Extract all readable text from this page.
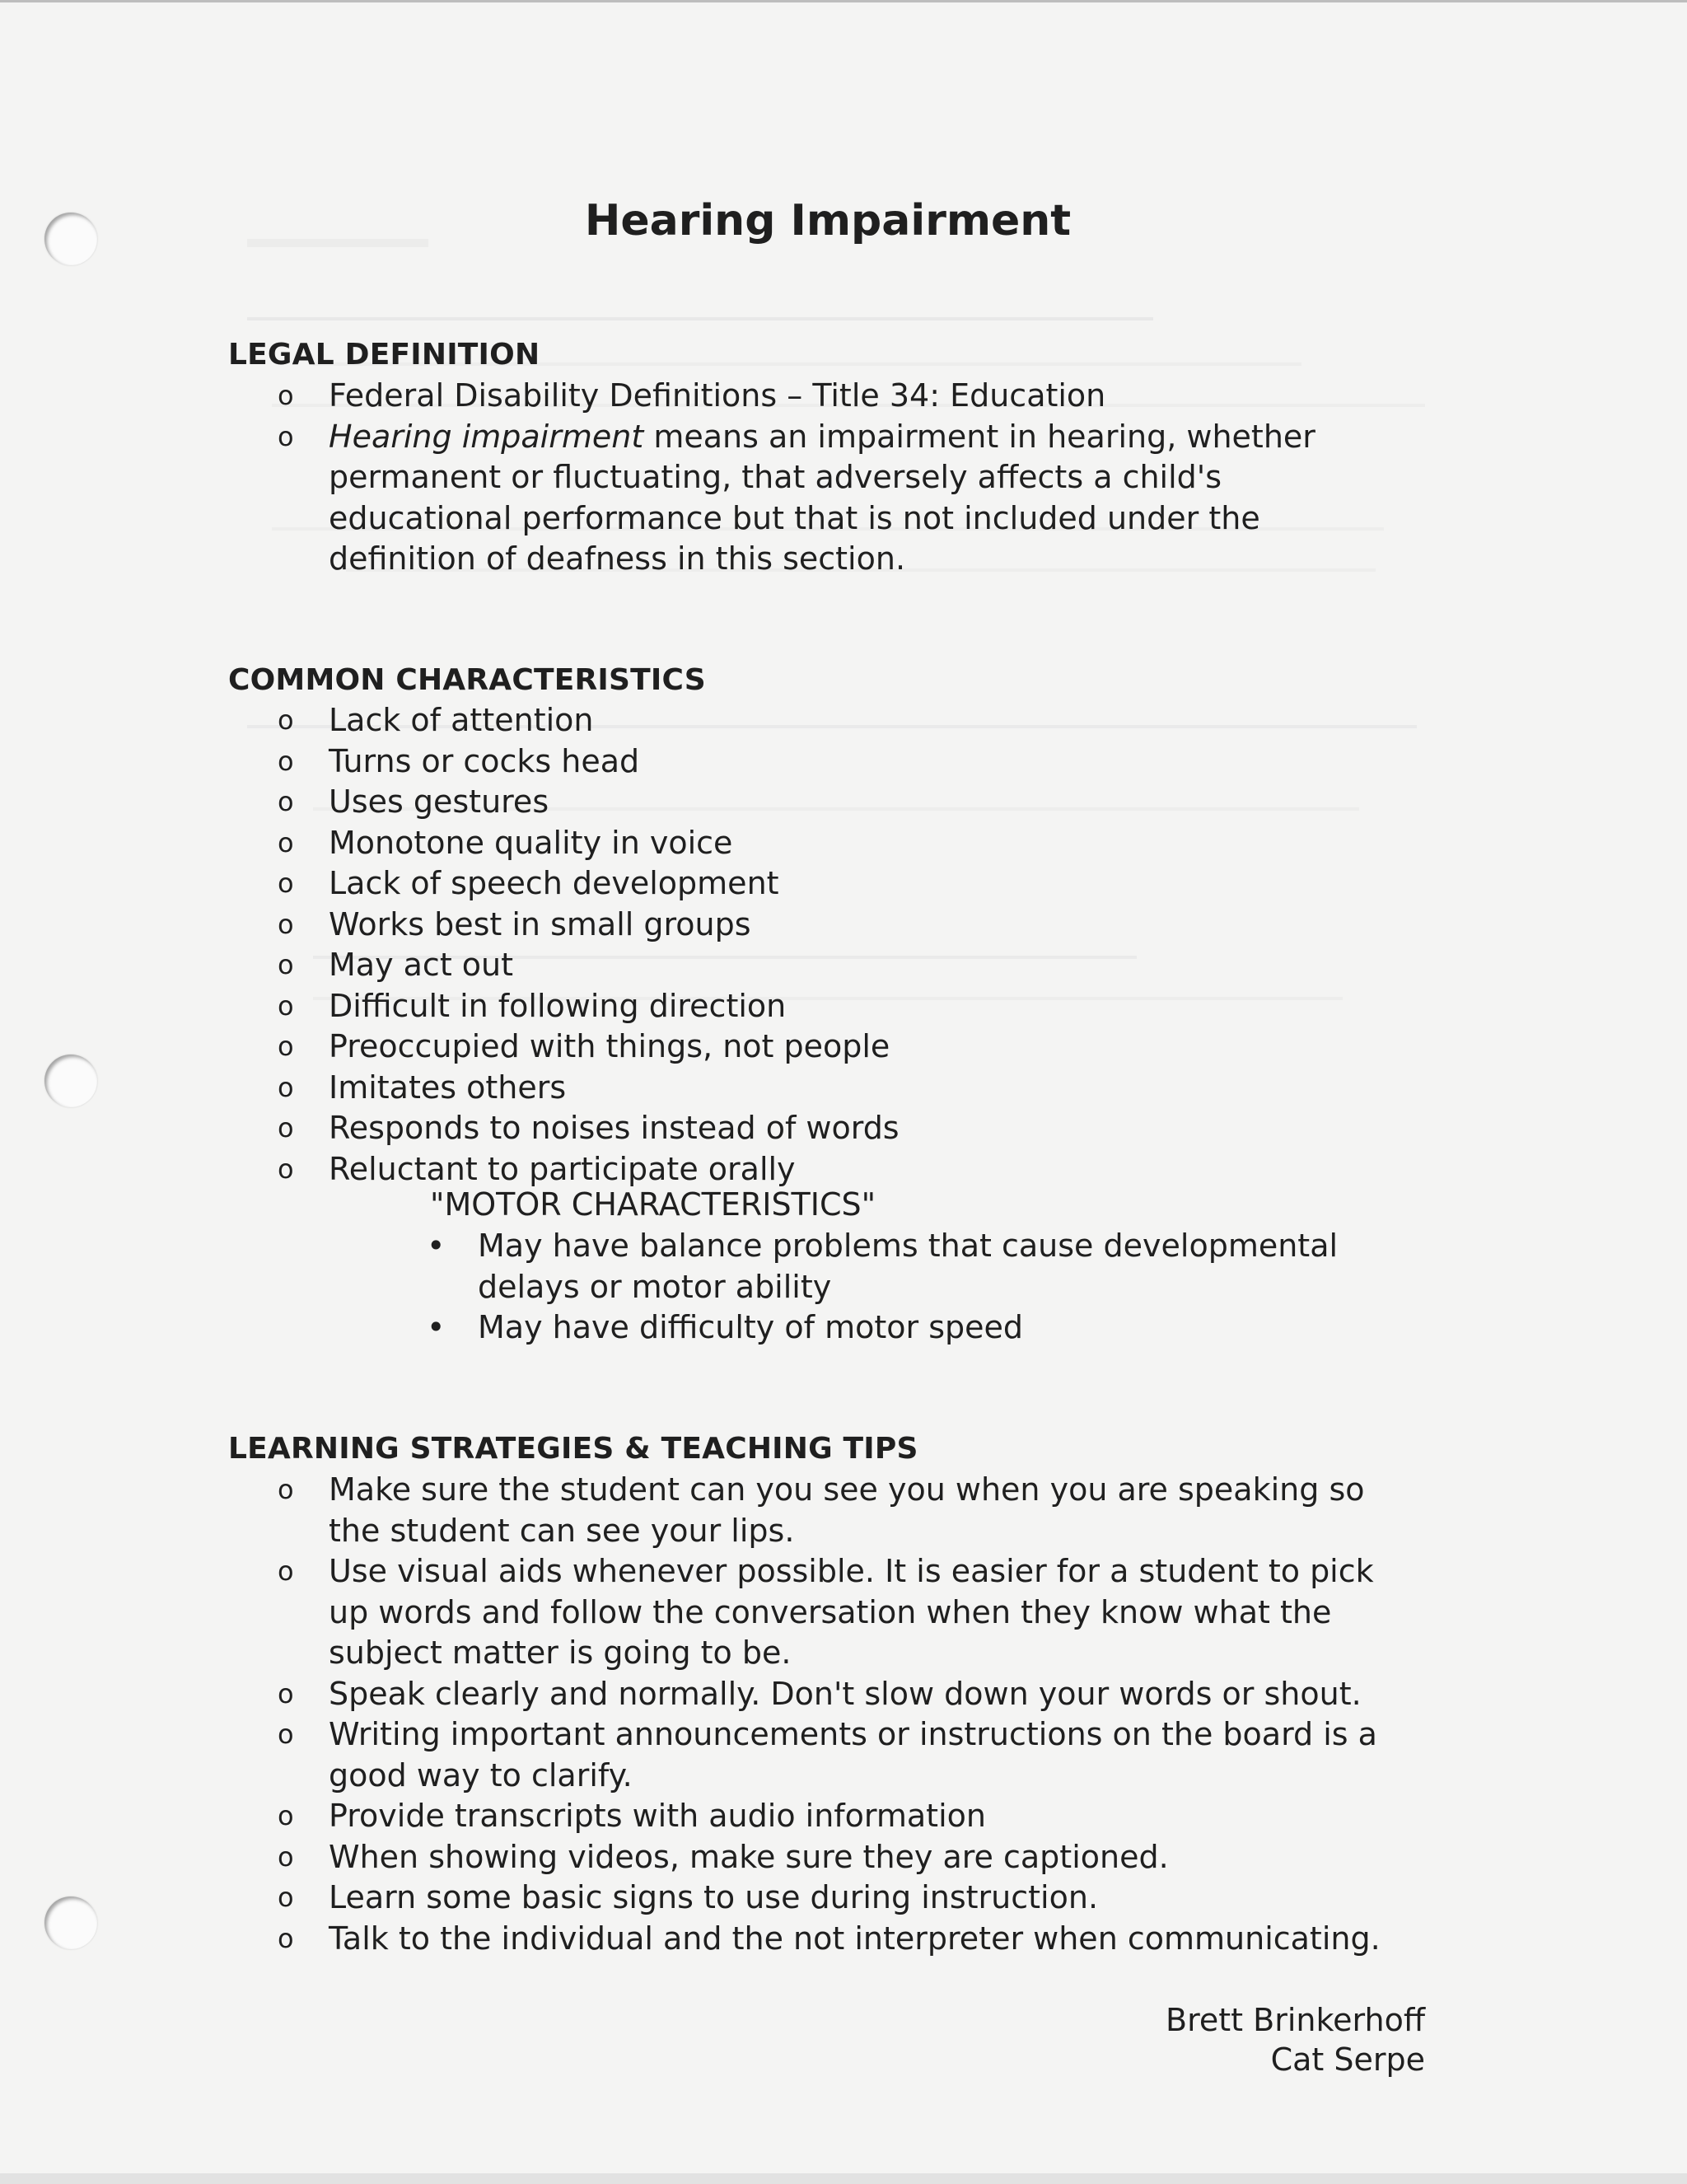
Hearing Impairment
LEGAL DEFINITION
o Federal Disability Definitions – Title 34: Education
o Hearing impairment means an impairment in hearing, whether permanent or fluctuating, that adversely affects a child's educational performance but that is not included under the definition of deafness in this section.
COMMON CHARACTERISTICS
o Lack of attention
o Turns or cocks head
o Uses gestures
o Monotone quality in voice
o Lack of speech development
o Works best in small groups
o May act out
o Difficult in following direction
o Preoccupied with things, not people
o Imitates others
o Responds to noises instead of words
o Reluctant to participate orally
"MOTOR CHARACTERISTICS"
• May have balance problems that cause developmental delays or motor ability
• May have difficulty of motor speed
LEARNING STRATEGIES & TEACHING TIPS
o Make sure the student can you see you when you are speaking so the student can see your lips.
o Use visual aids whenever possible. It is easier for a student to pick up words and follow the conversation when they know what the subject matter is going to be.
o Speak clearly and normally. Don't slow down your words or shout.
o Writing important announcements or instructions on the board is a good way to clarify.
o Provide transcripts with audio information
o When showing videos, make sure they are captioned.
o Learn some basic signs to use during instruction.
o Talk to the individual and the not interpreter when communicating.
Brett Brinkerhoff
Cat Serpe
